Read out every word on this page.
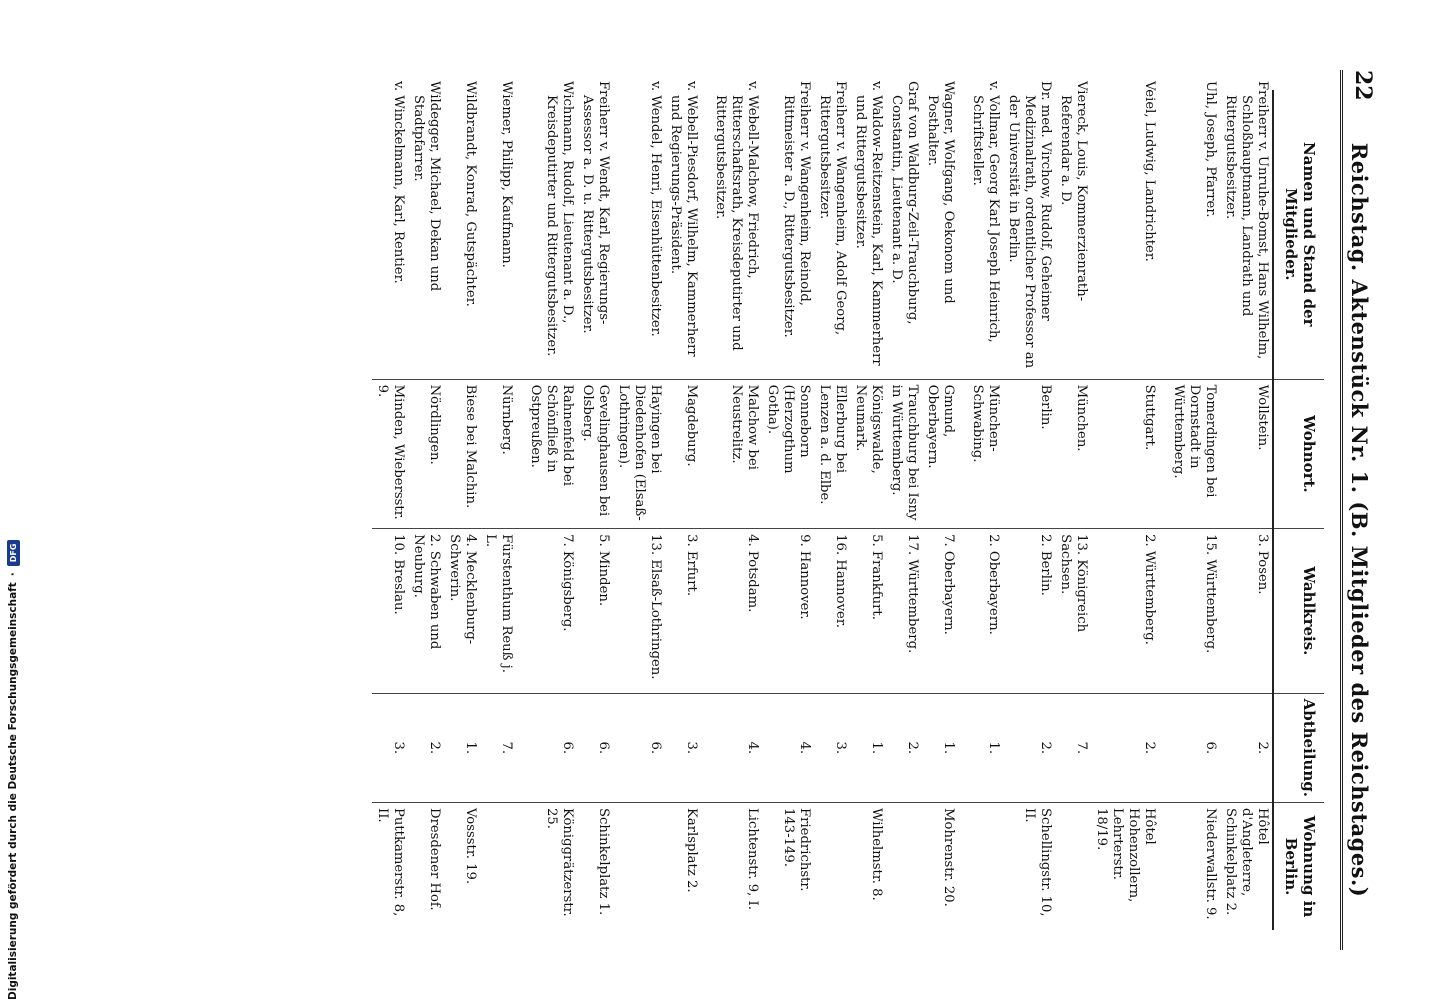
22
Reichstag. Aktenstück Nr. 1. (B. Mitglieder des Reichstages.)
Namen und Stand der Mitglieder.	Wohnort.	Wahlkreis.	Abtheilung.	Wohnung in Berlin.
Freiherr v. Unruhe-Bomst, Hans Wilhelm, Schloßhauptmann, Landrath und Rittergutsbesitzer.	Wollstein.	3. Posen.	2.	Hôtel d'Angleterre, Schinkelplatz 2.
Uhl, Joseph, Pfarrer.	Tomerdingen bei Dornstadt in Württemberg.	15. Württemberg.	6.	Niederwallstr. 9.
Veiel, Ludwig, Landrichter.	Stuttgart.	2. Württemberg.	2.	Hôtel Hohenzollern, Lehrterstr. 18/19.
Viereck, Louis, Kommerzienrath-Referendar a. D.	München.	13. Königreich Sachsen.	7.	
Dr. med. Virchow, Rudolf, Geheimer Medizinalrath, ordentlicher Professor an der Universität in Berlin.	Berlin.	2. Berlin.	2.	Schellingstr. 10, II.
v. Vollmar, Georg Karl Joseph Heinrich, Schriftsteller.	München-Schwabing.	2. Oberbayern.	1.	
Wagner, Wolfgang, Oekonom und Posthalter.	Gmund, Oberbayern.	7. Oberbayern.	1.	Mohrenstr. 20.
Graf von Waldburg-Zeil-Trauchburg, Constantin, Lieutenant a. D.	Trauchburg bei Isny in Württemberg.	17. Württemberg.	2.	
v. Waldow-Reitzenstein, Karl, Kammerherr und Rittergutsbesitzer.	Königswalde, Neumark.	5. Frankfurt.	1.	Wilhelmstr. 8.
Freiherr v. Wangenheim, Adolf Georg, Rittergutsbesitzer.	Ellerburg bei Lenzen a. d. Elbe.	16. Hannover.	3.	
Freiherr v. Wangenheim, Reinold, Rittmeister a. D., Rittergutsbesitzer.	Sonneborn (Herzogthum Gotha).	9. Hannover.	4.	Friedrichstr. 143-149.
v. Webell-Malchow, Friedrich, Ritterschaftsrath, Kreisdeputirter und Rittergutsbesitzer.	Malchow bei Neustrelitz.	4. Potsdam.	4.	Lichtenstr. 9, I.
v. Webell-Piesdorf, Wilhelm, Kammerherr und Regierungs-Präsident.	Magdeburg.	3. Erfurt.	3.	Karlsplatz 2.
v. Wendel, Henri, Eisenhüttenbesitzer.	Hayingen bei Diedenhofen (Elsaß-Lothringen).	13. Elsaß-Lothringen.	6.	
Freiherr v. Wendt, Karl, Regierungs-Assessor a. D. u. Rittergutsbesitzer.	Gevelinghausen bei Olsberg.	5. Minden.	6.	Schinkelplatz 1.
Wichmann, Rudolf, Lieutenant a. D., Kreisdeputirter und Rittergutsbesitzer.	Rahnenfeld bei Schönfließ in Ostpreußen.	7. Königsberg.	6.	Königgrätzerstr. 25.
Wiemer, Philipp, Kaufmann.	Nürnberg.	Fürstenthum Reuß j. L.	7.	
Wildbrandt, Konrad, Gutspächter.	Biese bei Malchin.	4. Mecklenburg-Schwerin.	1.	Vossstr. 19.
Wildegger, Michael, Dekan und Stadtpfarrer.	Nördlingen.	2. Schwaben und Neuburg.	2.	Dresdener Hof.
v. Winckelmann, Karl, Rentier.	Minden, Wiebersstr. 9.	10. Breslau.	3.	Puttkamerstr. 8, II.
Digitalisierung gefördert durch die Deutsche Forschungsgemeinschaft
·
DFG
